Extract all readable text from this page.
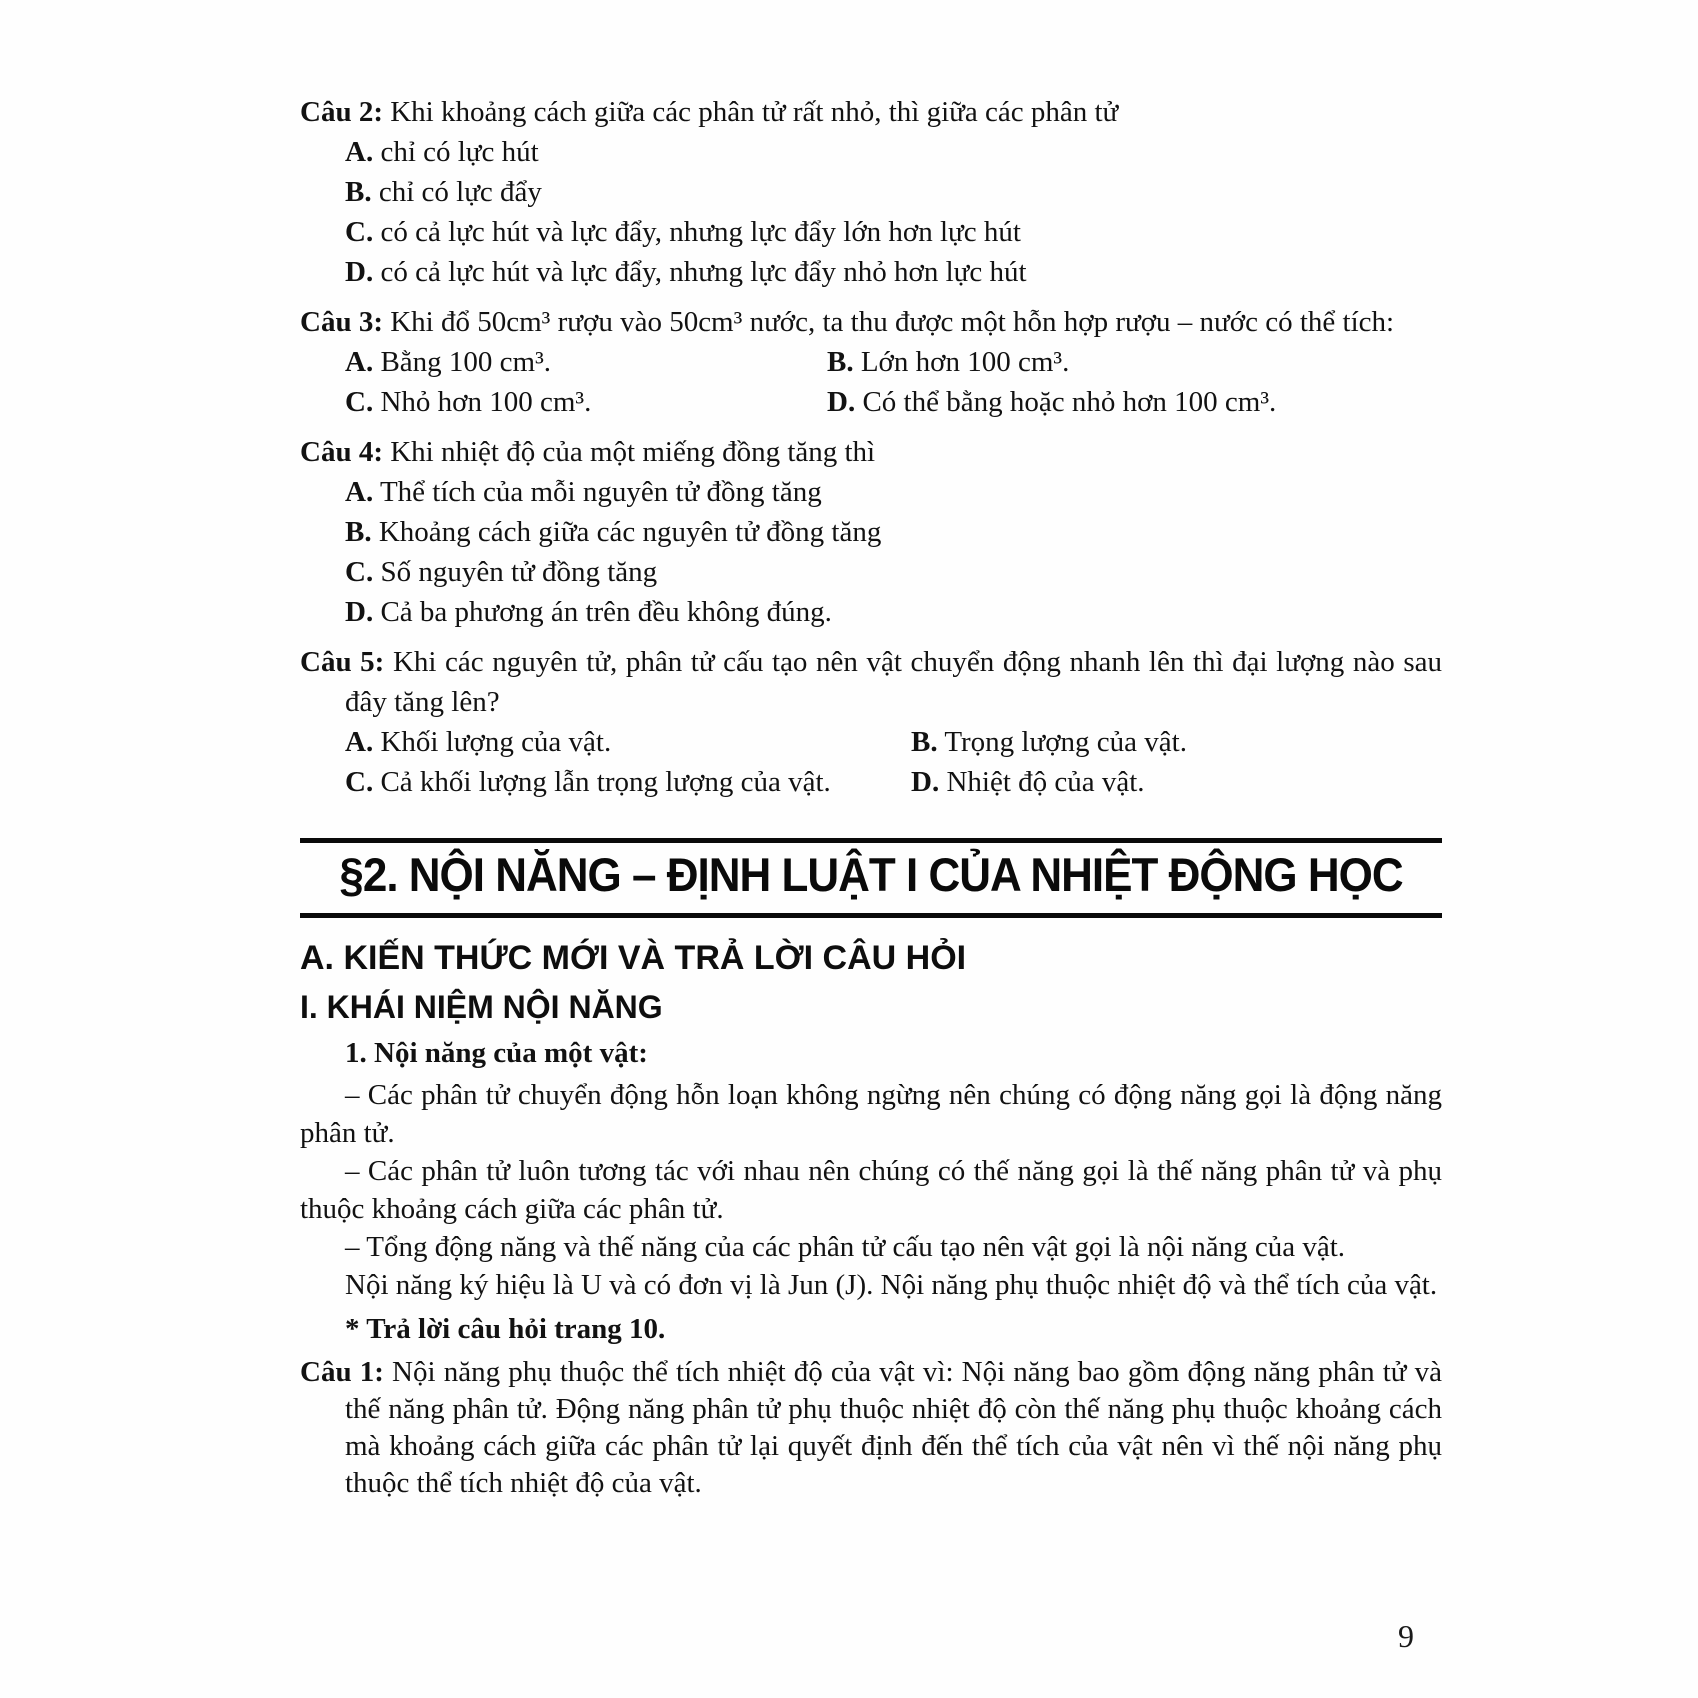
Câu 2: Khi khoảng cách giữa các phân tử rất nhỏ, thì giữa các phân tử

A. chỉ có lực hút

B. chỉ có lực đẩy

C. có cả lực hút và lực đẩy, nhưng lực đẩy lớn hơn lực hút

D. có cả lực hút và lực đẩy, nhưng lực đẩy nhỏ hơn lực hút

Câu 3: Khi đổ 50cm³ rượu vào 50cm³ nước, ta thu được một hỗn hợp rượu – nước có thể tích:

A. Bằng 100 cm³.	B. Lớn hơn 100 cm³.

C. Nhỏ hơn 100 cm³.	D. Có thể bằng hoặc nhỏ hơn 100 cm³.

Câu 4: Khi nhiệt độ của một miếng đồng tăng thì

A. Thể tích của mỗi nguyên tử đồng tăng

B. Khoảng cách giữa các nguyên tử đồng tăng

C. Số nguyên tử đồng tăng

D. Cả ba phương án trên đều không đúng.

Câu 5: Khi các nguyên tử, phân tử cấu tạo nên vật chuyển động nhanh lên thì đại lượng nào sau đây tăng lên?

A. Khối lượng của vật.	B. Trọng lượng của vật.

C. Cả khối lượng lẫn trọng lượng của vật.	D. Nhiệt độ của vật.

§2. NỘI NĂNG – ĐỊNH LUẬT I CỦA NHIỆT ĐỘNG HỌC

A. KIẾN THỨC MỚI VÀ TRẢ LỜI CÂU HỎI

I. KHÁI NIỆM NỘI NĂNG

1. Nội năng của một vật:

– Các phân tử chuyển động hỗn loạn không ngừng nên chúng có động năng gọi là động năng phân tử.

– Các phân tử luôn tương tác với nhau nên chúng có thế năng gọi là thế năng phân tử và phụ thuộc khoảng cách giữa các phân tử.

– Tổng động năng và thế năng của các phân tử cấu tạo nên vật gọi là nội năng của vật.

Nội năng ký hiệu là U và có đơn vị là Jun (J). Nội năng phụ thuộc nhiệt độ và thể tích của vật.

* Trả lời câu hỏi trang 10.

Câu 1: Nội năng phụ thuộc thể tích nhiệt độ của vật vì: Nội năng bao gồm động năng phân tử và thế năng phân tử. Động năng phân tử phụ thuộc nhiệt độ còn thế năng phụ thuộc khoảng cách mà khoảng cách giữa các phân tử lại quyết định đến thể tích của vật nên vì thế nội năng phụ thuộc thể tích nhiệt độ của vật.

9
